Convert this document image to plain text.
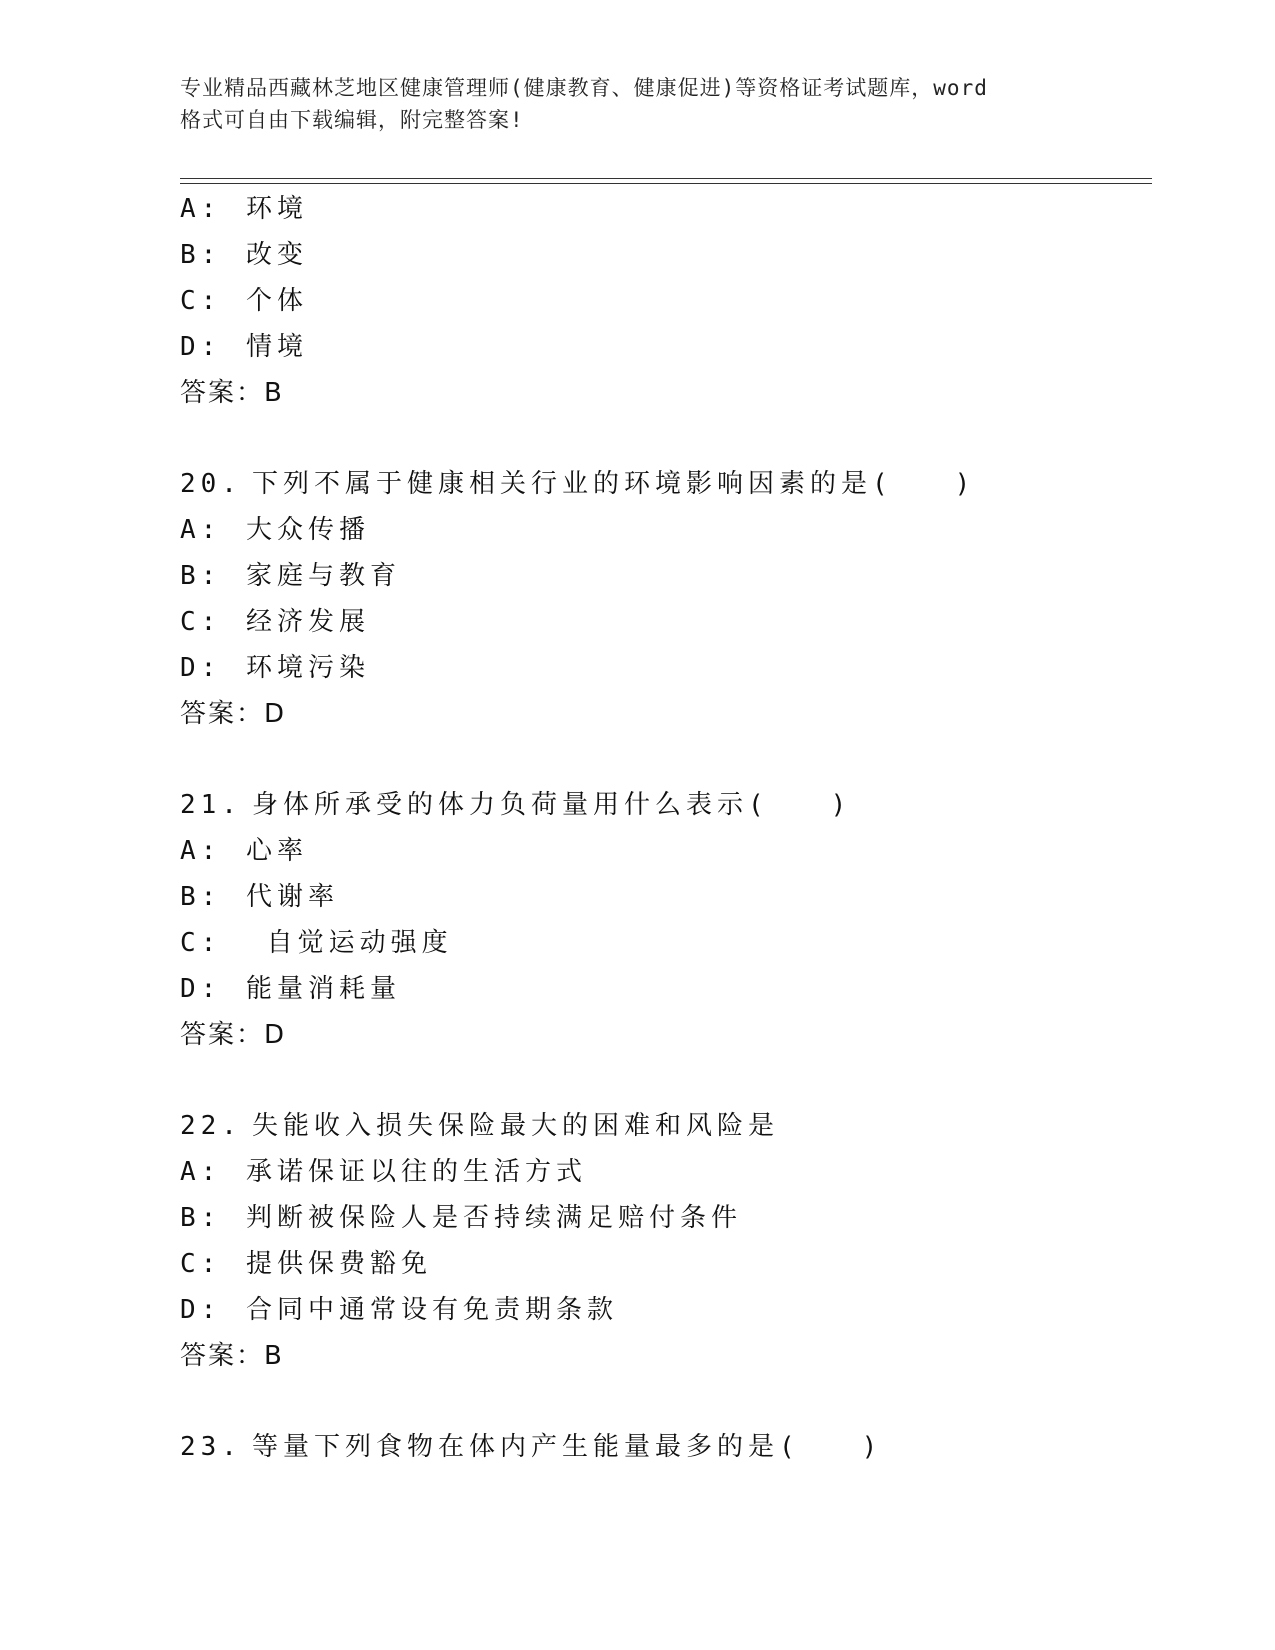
专业精品西藏林芝地区健康管理师(健康教育、健康促进)等资格证考试题库，word
格式可自由下载编辑，附完整答案!
A: 环境
B: 改变
C: 个体
D: 情境
答案：B
20. 下列不属于健康相关行业的环境影响因素的是(　　)
A: 大众传播
B: 家庭与教育
C: 经济发展
D: 环境污染
答案：D
21. 身体所承受的体力负荷量用什么表示(　　)
A: 心率
B: 代谢率
C:  自觉运动强度
D: 能量消耗量
答案：D
22. 失能收入损失保险最大的困难和风险是
A: 承诺保证以往的生活方式
B: 判断被保险人是否持续满足赔付条件
C: 提供保费豁免
D: 合同中通常设有免责期条款
答案：B
23. 等量下列食物在体内产生能量最多的是(　　)
